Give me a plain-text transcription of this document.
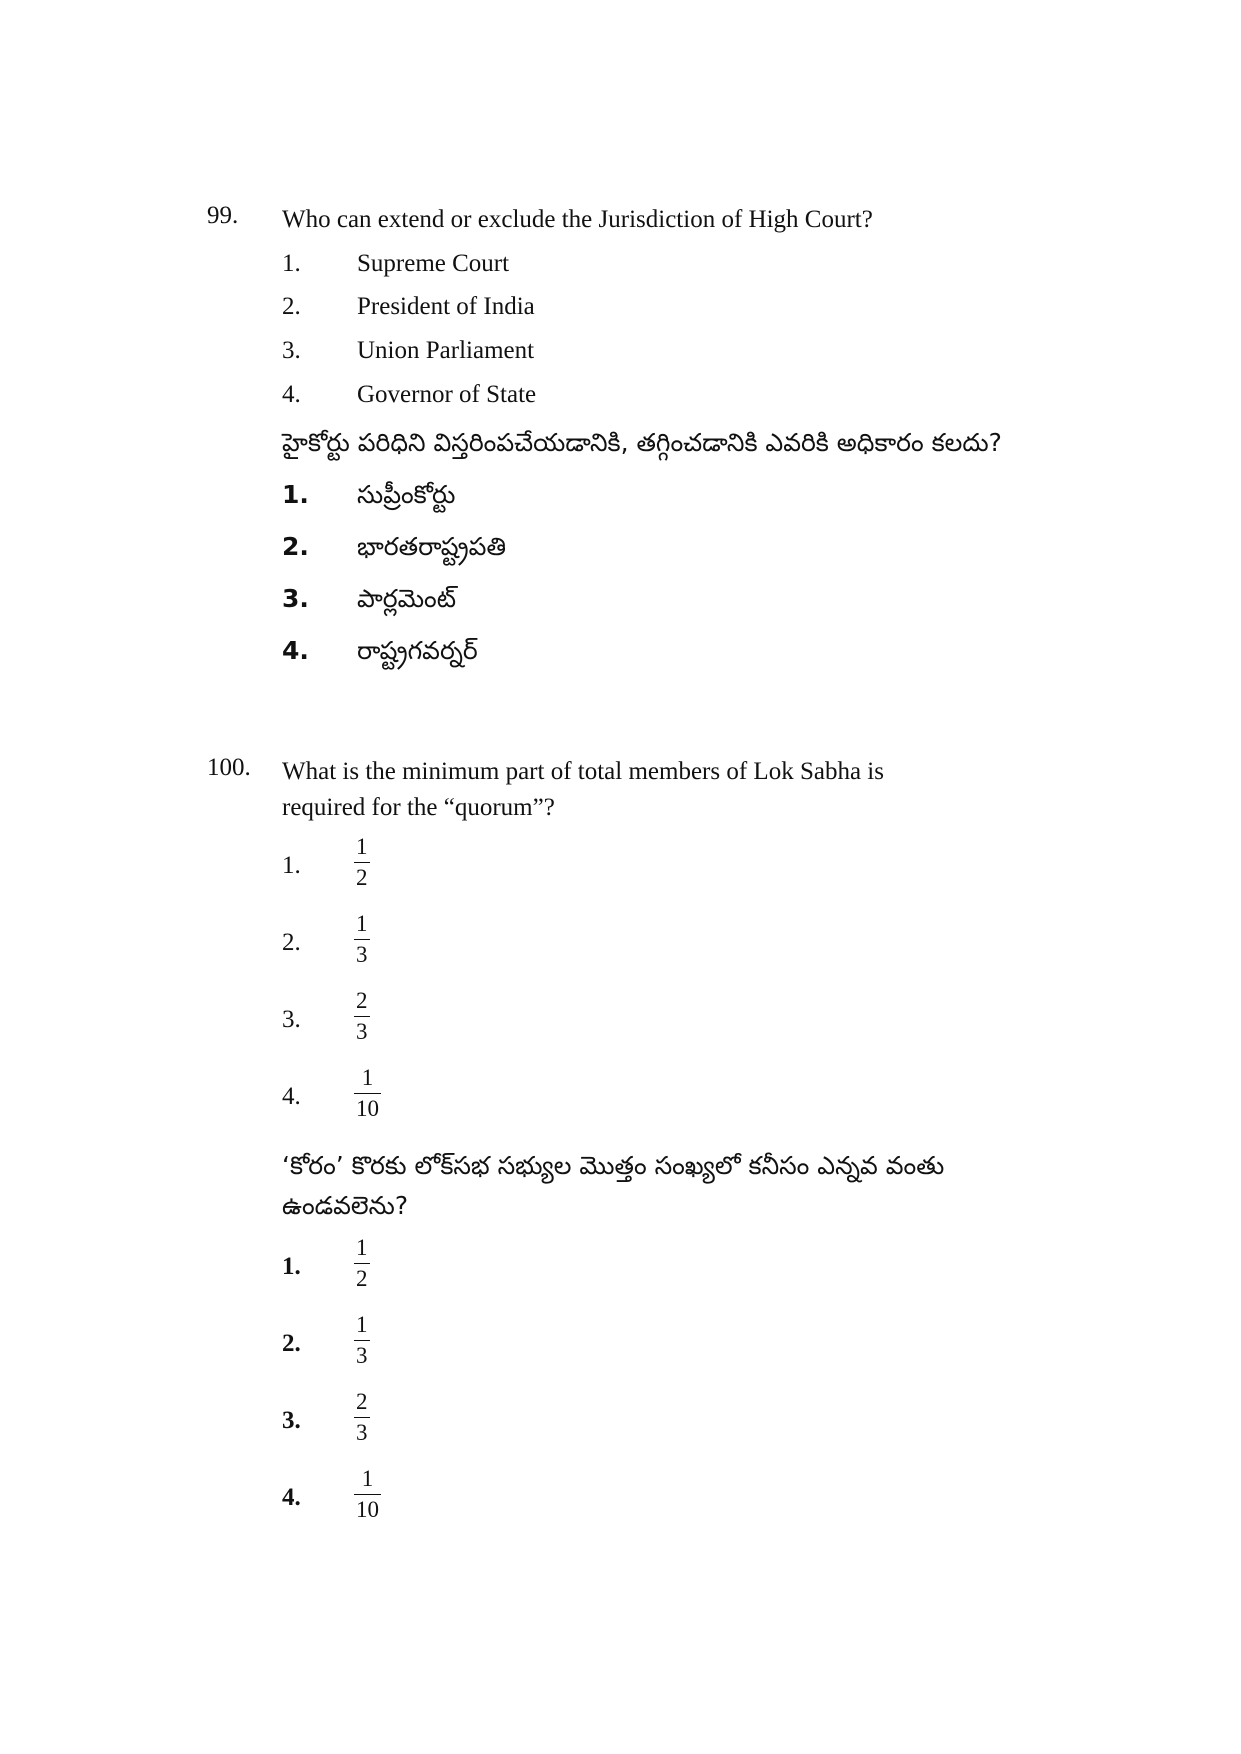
99. Who can extend or exclude the Jurisdiction of High Court?
1. Supreme Court
2. President of India
3. Union Parliament
4. Governor of State
హైకోర్టు పరిధిని విస్తరింపచేయడానికి, తగ్గించడానికి ఎవరికి అధికారం కలదు?
1. సుప్రీంకోర్టు
2. భారతరాష్ట్రపతి
3. పార్లమెంట్
4. రాష్ట్రగవర్నర్
100. What is the minimum part of total members of Lok Sabha is required for the “quorum”?
1.
1
2
2.
1
3
3.
2
3
4.
1
10
‘కోరం’ కొరకు లోక్‌సభ సభ్యుల మొత్తం సంఖ్యలో కనీసం ఎన్నవ వంతు ఉండవలెను?
1.
1
2
2.
1
3
3.
2
3
4.
1
10
